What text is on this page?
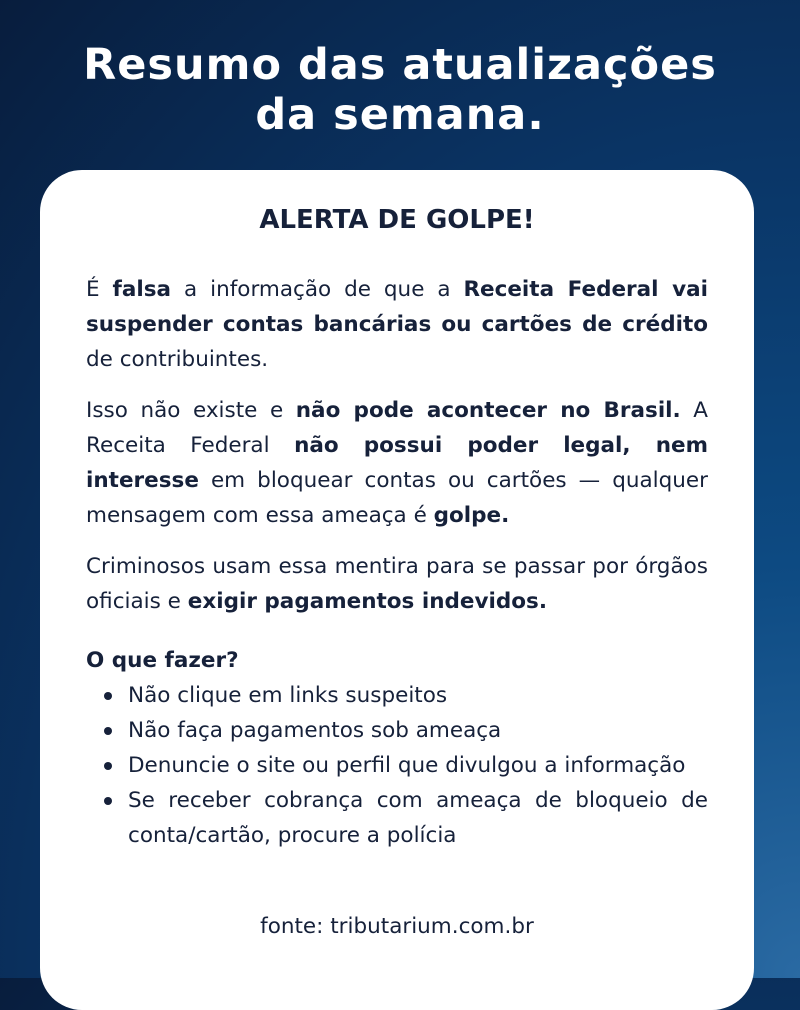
Resumo das atualizações
da semana.
ALERTA DE GOLPE!

É falsa a informação de que a Receita Federal vai suspender contas bancárias ou cartões de crédito de contribuintes.

Isso não existe e não pode acontecer no Brasil. A Receita Federal não possui poder legal, nem interesse em bloquear contas ou cartões — qualquer mensagem com essa ameaça é golpe.

Criminosos usam essa mentira para se passar por órgãos oficiais e exigir pagamentos indevidos.

O que fazer?
Não clique em links suspeitos
Não faça pagamentos sob ameaça
Denuncie o site ou perfil que divulgou a informação
Se receber cobrança com ameaça de bloqueio de conta/cartão, procure a polícia
fonte: tributarium.com.br
